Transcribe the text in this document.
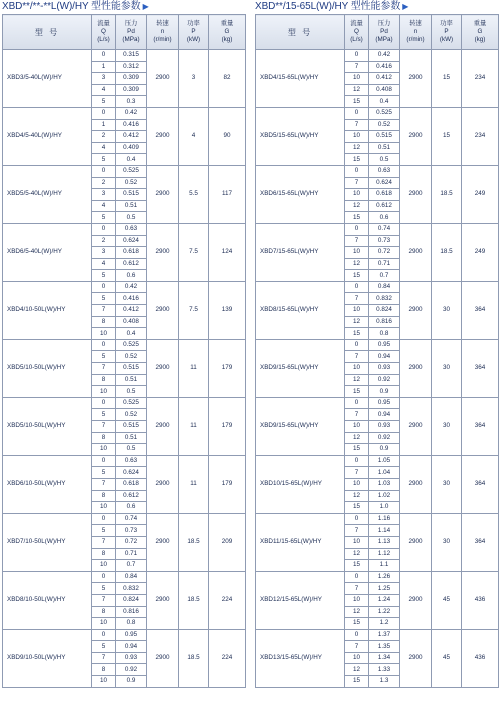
XBD**/**-**L(W)/HY 型性能参数 ▶
型 号	流量
Q
(L/s)	压力
Pd
(MPa)	转速
n
(r/min)	功率
P
(kW)	重量
G
(kg)

XBD3/5-40L(W)/HY	0	0.315	2900	3	82
	1	0.312			
	3	0.309			
	4	0.309			
	5	0.3			
XBD4/5-40L(W)/HY	0	0.42	2900	4	90
	1	0.416			
	2	0.412			
	4	0.409			
	5	0.4			
XBD5/5-40L(W)/HY	0	0.525	2900	5.5	117
	2	0.52			
	3	0.515			
	4	0.51			
	5	0.5			
XBD6/5-40L(W)/HY	0	0.63	2900	7.5	124
	2	0.624			
	3	0.618			
	4	0.612			
	5	0.6			
XBD4/10-50L(W)/HY	0	0.42	2900	7.5	139
	5	0.416			
	7	0.412			
	8	0.408			
	10	0.4			
XBD5/10-50L(W)/HY	0	0.525	2900	11	179
	5	0.52			
	7	0.515			
	8	0.51			
	10	0.5			
XBD5/10-50L(W)/HY	0	0.525	2900	11	179
	5	0.52			
	7	0.515			
	8	0.51			
	10	0.5			
XBD6/10-50L(W)/HY	0	0.63	2900	11	179
	5	0.624			
	7	0.618			
	8	0.612			
	10	0.6			
XBD7/10-50L(W)/HY	0	0.74	2900	18.5	209
	5	0.73			
	7	0.72			
	8	0.71			
	10	0.7			
XBD8/10-50L(W)/HY	0	0.84	2900	18.5	224
	5	0.832			
	7	0.824			
	8	0.816			
	10	0.8			
XBD9/10-50L(W)/HY	0	0.95	2900	18.5	224
	5	0.94			
	7	0.93			
	8	0.92			
	10	0.9			
XBD**/15-65L(W)/HY 型性能参数 ▶
型 号	流量
Q
(L/s)	压力
Pd
(MPa)	转速
n
(r/min)	功率
P
(kW)	重量
G
(kg)

XBD4/15-65L(W)/HY	0	0.42	2900	15	234
	7	0.416			
	10	0.412			
	12	0.408			
	15	0.4			
XBD5/15-65L(W)/HY	0	0.525	2900	15	234
	7	0.52			
	10	0.515			
	12	0.51			
	15	0.5			
XBD6/15-65L(W)/HY	0	0.63	2900	18.5	249
	7	0.624			
	10	0.618			
	12	0.612			
	15	0.6			
XBD7/15-65L(W)/HY	0	0.74	2900	18.5	249
	7	0.73			
	10	0.72			
	12	0.71			
	15	0.7			
XBD8/15-65L(W)/HY	0	0.84	2900	30	364
	7	0.832			
	10	0.824			
	12	0.816			
	15	0.8			
XBD9/15-65L(W)/HY	0	0.95	2900	30	364
	7	0.94			
	10	0.93			
	12	0.92			
	15	0.9			
XBD9/15-65L(W)/HY	0	0.95	2900	30	364
	7	0.94			
	10	0.93			
	12	0.92			
	15	0.9			
XBD10/15-65L(W)/HY	0	1.05	2900	30	364
	7	1.04			
	10	1.03			
	12	1.02			
	15	1.0			
XBD11/15-65L(W)/HY	0	1.16	2900	30	364
	7	1.14			
	10	1.13			
	12	1.12			
	15	1.1			
XBD12/15-65L(W)/HY	0	1.26	2900	45	436
	7	1.25			
	10	1.24			
	12	1.22			
	15	1.2			
XBD13/15-65L(W)/HY	0	1.37	2900	45	436
	7	1.35			
	10	1.34			
	12	1.33			
	15	1.3			
